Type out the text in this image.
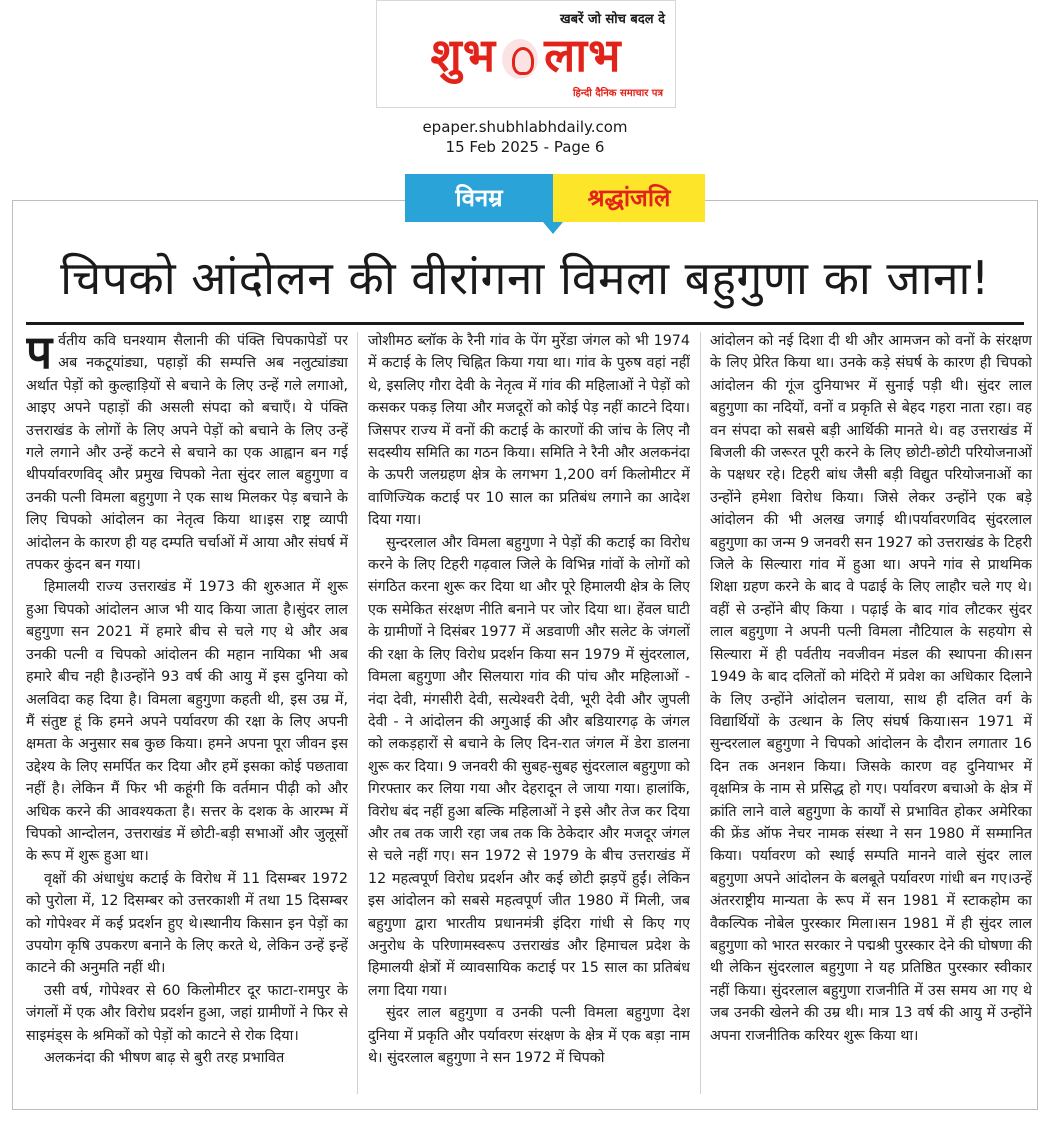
खबरें जो सोच बदल दे
शुभ लाभ
हिन्दी दैनिक समाचार पत्र
epaper.shubhlabhdaily.com
15 Feb 2025 - Page 6
विनम्र	श्रद्धांजलि
चिपको आंदोलन की वीरांगना विमला बहुगुणा का जाना!

पर्वतीय कवि घनश्याम सैलानी की पंक्ति चिपकापेडों पर अब नकटूयांड्या, पहाड़ों की सम्पत्ति अब नलुट्यांड्या अर्थात पेड़ों को कुल्हाड़ियों से बचाने के लिए उन्हें गले लगाओ, आइए अपने पहाड़ों की असली संपदा को बचाएँ। ये पंक्ति उत्तराखंड के लोगों के लिए अपने पेड़ों को बचाने के लिए उन्हें गले लगाने और उन्हें कटने से बचाने का एक आह्वान बन गई थीपर्यावरणविद् और प्रमुख चिपको नेता सुंदर लाल बहुगुणा व उनकी पत्नी विमला बहुगुणा ने एक साथ मिलकर पेड़ बचाने के लिए चिपको आंदोलन का नेतृत्व किया था।इस राष्ट्र व्यापी आंदोलन के कारण ही यह दम्पति चर्चाओं में आया और संघर्ष में तपकर कुंदन बन गया।

हिमालयी राज्य उत्तराखंड में 1973 की शुरुआत में शुरू हुआ चिपको आंदोलन आज भी याद किया जाता है।सुंदर लाल बहुगुणा सन 2021 में हमारे बीच से चले गए थे और अब उनकी पत्नी व चिपको आंदोलन की महान नायिका भी अब हमारे बीच नही है।उन्होंने 93 वर्ष की आयु में इस दुनिया को अलविदा कह दिया है। विमला बहुगुणा कहती थी, इस उम्र में, मैं संतुष्ट हूं कि हमने अपने पर्यावरण की रक्षा के लिए अपनी क्षमता के अनुसार सब कुछ किया। हमने अपना पूरा जीवन इस उद्देश्य के लिए समर्पित कर दिया और हमें इसका कोई पछतावा नहीं है। लेकिन मैं फिर भी कहूंगी कि वर्तमान पीढ़ी को और अधिक करने की आवश्यकता है। सत्तर के दशक के आरम्भ में चिपको आन्दोलन, उत्तराखंड में छोटी-बड़ी सभाओं और जुलूसों के रूप में शुरू हुआ था।

वृक्षों की अंधाधुंध कटाई के विरोध में 11 दिसम्बर 1972 को पुरोला में, 12 दिसम्बर को उत्तरकाशी में तथा 15 दिसम्बर को गोपेश्वर में कई प्रदर्शन हुए थे।स्थानीय किसान इन पेड़ों का उपयोग कृषि उपकरण बनाने के लिए करते थे, लेकिन उन्हें इन्हें काटने की अनुमति नहीं थी।

उसी वर्ष, गोपेश्वर से 60 किलोमीटर दूर फाटा-रामपुर के जंगलों में एक और विरोध प्रदर्शन हुआ, जहां ग्रामीणों ने फिर से साइमंड्स के श्रमिकों को पेड़ों को काटने से रोक दिया।

अलकनंदा की भीषण बाढ़ से बुरी तरह प्रभावित

जोशीमठ ब्लॉक के रैनी गांव के पेंग मुरेंडा जंगल को भी 1974 में कटाई के लिए चिह्नित किया गया था। गांव के पुरुष वहां नहीं थे, इसलिए गौरा देवी के नेतृत्व में गांव की महिलाओं ने पेड़ों को कसकर पकड़ लिया और मजदूरों को कोई पेड़ नहीं काटने दिया। जिसपर राज्य में वनों की कटाई के कारणों की जांच के लिए नौ सदस्यीय समिति का गठन किया। समिति ने रैनी और अलकनंदा के ऊपरी जलग्रहण क्षेत्र के लगभग 1,200 वर्ग किलोमीटर में वाणिज्यिक कटाई पर 10 साल का प्रतिबंध लगाने का आदेश दिया गया।

सुन्दरलाल और विमला बहुगुणा ने पेड़ों की कटाई का विरोध करने के लिए टिहरी गढ़वाल जिले के विभिन्न गांवों के लोगों को संगठित करना शुरू कर दिया था और पूरे हिमालयी क्षेत्र के लिए एक समेकित संरक्षण नीति बनाने पर जोर दिया था। हेंवल घाटी के ग्रामीणों ने दिसंबर 1977 में अडवाणी और सलेट के जंगलों की रक्षा के लिए विरोध प्रदर्शन किया सन 1979 में सुंदरलाल, विमला बहुगुणा और सिलयारा गांव की पांच और महिलाओं - नंदा देवी, मंगसीरी देवी, सत्येश्वरी देवी, भूरी देवी और जुपली देवी - ने आंदोलन की अगुआई की और बडियारगढ़ के जंगल को लकड़हारों से बचाने के लिए दिन-रात जंगल में डेरा डालना शुरू कर दिया। 9 जनवरी की सुबह-सुबह सुंदरलाल बहुगुणा को गिरफ्तार कर लिया गया और देहरादून ले जाया गया। हालांकि, विरोध बंद नहीं हुआ बल्कि महिलाओं ने इसे और तेज कर दिया और तब तक जारी रहा जब तक कि ठेकेदार और मजदूर जंगल से चले नहीं गए। सन 1972 से 1979 के बीच उत्तराखंड में 12 महत्वपूर्ण विरोध प्रदर्शन और कई छोटी झड़पें हुईं। लेकिन इस आंदोलन को सबसे महत्वपूर्ण जीत 1980 में मिली, जब बहुगुणा द्वारा भारतीय प्रधानमंत्री इंदिरा गांधी से किए गए अनुरोध के परिणामस्वरूप उत्तराखंड और हिमाचल प्रदेश के हिमालयी क्षेत्रों में व्यावसायिक कटाई पर 15 साल का प्रतिबंध लगा दिया गया।

सुंदर लाल बहुगुणा व उनकी पत्नी विमला बहुगुणा देश दुनिया में प्रकृति और पर्यावरण संरक्षण के क्षेत्र में एक बड़ा नाम थे। सुंदरलाल बहुगुणा ने सन 1972 में चिपको

आंदोलन को नई दिशा दी थी और आमजन को वनों के संरक्षण के लिए प्रेरित किया था। उनके कड़े संघर्ष के कारण ही चिपको आंदोलन की गूंज दुनियाभर में सुनाई पड़ी थी। सुंदर लाल बहुगुणा का नदियों, वनों व प्रकृति से बेहद गहरा नाता रहा। वह वन संपदा को सबसे बड़ी आर्थिकी मानते थे। वह उत्तराखंड में बिजली की जरूरत पूरी करने के लिए छोटी-छोटी परियोजनाओं के पक्षधर रहे। टिहरी बांध जैसी बड़ी विद्युत परियोजनाओं का उन्होंने हमेशा विरोध किया। जिसे लेकर उन्होंने एक बड़े आंदोलन की भी अलख जगाई थी।पर्यावरणविद सुंदरलाल बहुगुणा का जन्म 9 जनवरी सन 1927 को उत्तराखंड के टिहरी जिले के सिल्यारा गांव में हुआ था। अपने गांव से प्राथमिक शिक्षा ग्रहण करने के बाद वे पढाई के लिए लाहौर चले गए थे। वहीं से उन्होंने बीए किया । पढ़ाई के बाद गांव लौटकर सुंदर लाल बहुगुणा ने अपनी पत्नी विमला नौटियाल के सहयोग से सिल्यारा में ही पर्वतीय नवजीवन मंडल की स्थापना की।सन 1949 के बाद दलितों को मंदिरो में प्रवेश का अधिकार दिलाने के लिए उन्होंने आंदोलन चलाया, साथ ही दलित वर्ग के विद्यार्थियों के उत्थान के लिए संघर्ष किया।सन 1971 में सुन्दरलाल बहुगुणा ने चिपको आंदोलन के दौरान लगातार 16 दिन तक अनशन किया। जिसके कारण वह दुनियाभर में वृक्षमित्र के नाम से प्रसिद्ध हो गए। पर्यावरण बचाओ के क्षेत्र में क्रांति लाने वाले बहुगुणा के कार्यों से प्रभावित होकर अमेरिका की फ्रेंड ऑफ नेचर नामक संस्था ने सन 1980 में सम्मानित किया। पर्यावरण को स्थाई सम्पति मानने वाले सुंदर लाल बहुगुणा अपने आंदोलन के बलबूते पर्यावरण गांधी बन गए।उन्हें अंतरराष्ट्रीय मान्यता के रूप में सन 1981 में स्टाकहोम का वैकल्पिक नोबेल पुरस्कार मिला।सन 1981 में ही सुंदर लाल बहुगुणा को भारत सरकार ने पद्मश्री पुरस्कार देने की घोषणा की थी लेकिन सुंदरलाल बहुगुणा ने यह प्रतिष्ठित पुरस्कार स्वीकार नहीं किया। सुंदरलाल बहुगुणा राजनीति में उस समय आ गए थे जब उनकी खेलने की उम्र थी। मात्र 13 वर्ष की आयु में उन्होंने अपना राजनीतिक करियर शुरू किया था।
